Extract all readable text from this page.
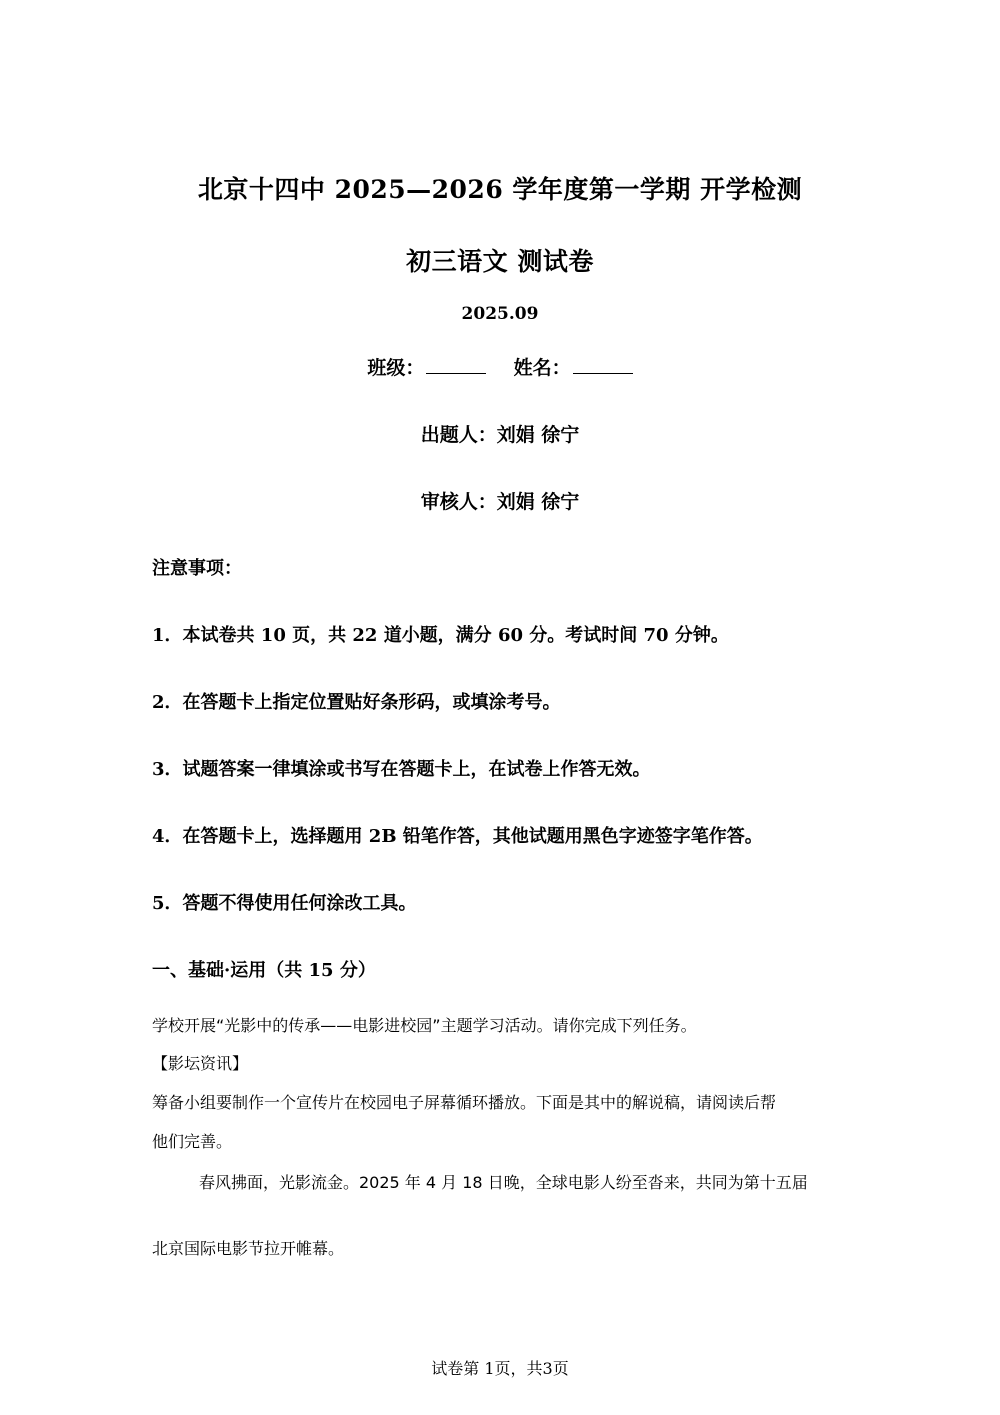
北京十四中 2025—2026 学年度第一学期 开学检测
初三语文 测试卷
2025.09
班级：	姓名：
出题人：刘娟 徐宁
审核人：刘娟 徐宁
注意事项：
1．本试卷共 10 页，共 22 道小题，满分 60 分。考试时间 70 分钟。
2．在答题卡上指定位置贴好条形码，或填涂考号。
3．试题答案一律填涂或书写在答题卡上，在试卷上作答无效。
4．在答题卡上，选择题用 2B 铅笔作答，其他试题用黑色字迹签字笔作答。
5．答题不得使用任何涂改工具。
一、基础·运用（共 15 分）
学校开展“光影中的传承——电影进校园”主题学习活动。请你完成下列任务。
【影坛资讯】
筹备小组要制作一个宣传片在校园电子屏幕循环播放。下面是其中的解说稿，请阅读后帮
他们完善。
春风拂面，光影流金。2025 年 4 月 18 日晚，全球电影人纷至沓来，共同为第十五届
北京国际电影节拉开帷幕。
试卷第 1页，共3页
